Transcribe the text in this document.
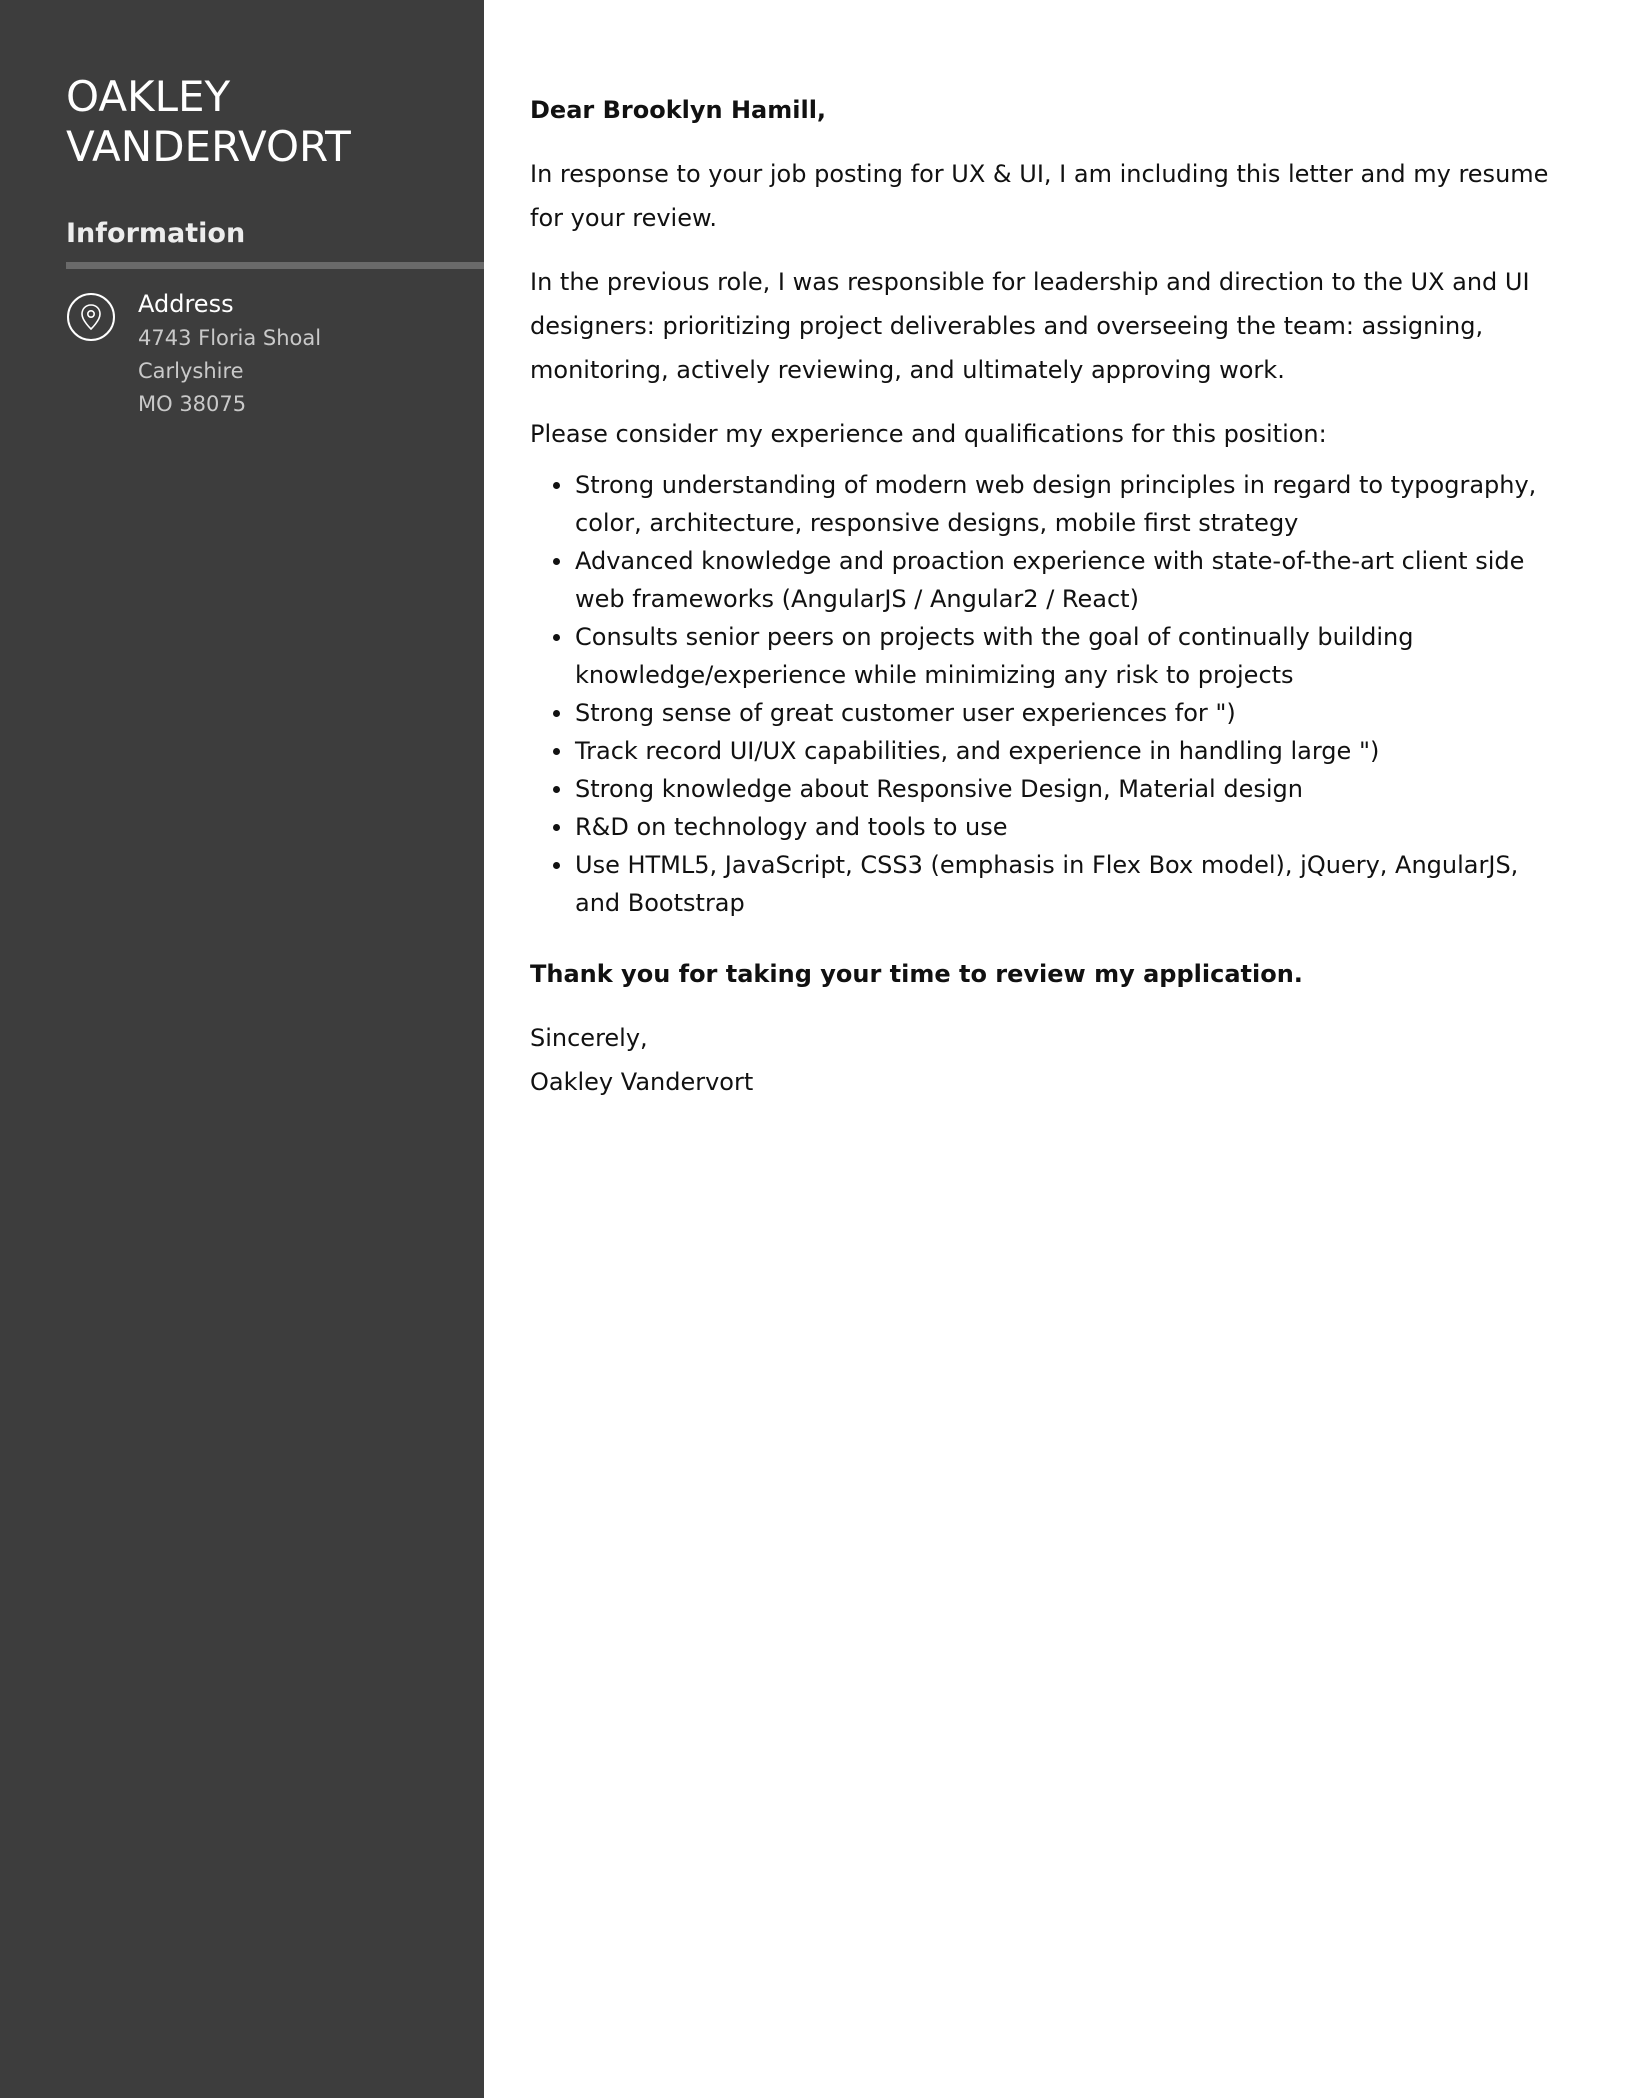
OAKLEY
VANDERVORT
Information

Address

4743 Floria Shoal

Carlyshire

MO 38075

Dear Brooklyn Hamill,

In response to your job posting for UX & UI, I am including this letter and my resume for your review.

In the previous role, I was responsible for leadership and direction to the UX and UI designers: prioritizing project deliverables and overseeing the team: assigning, monitoring, actively reviewing, and ultimately approving work.

Please consider my experience and qualifications for this position:

Strong understanding of modern web design principles in regard to typography, color, architecture, responsive designs, mobile first strategy
Advanced knowledge and proaction experience with state-of-the-art client side web frameworks (AngularJS / Angular2 / React)
Consults senior peers on projects with the goal of continually building knowledge/experience while minimizing any risk to projects
Strong sense of great customer user experiences for ")
Track record UI/UX capabilities, and experience in handling large ")
Strong knowledge about Responsive Design, Material design
R&D on technology and tools to use
Use HTML5, JavaScript, CSS3 (emphasis in Flex Box model), jQuery, AngularJS, and Bootstrap

Thank you for taking your time to review my application.

Sincerely,

Oakley Vandervort
